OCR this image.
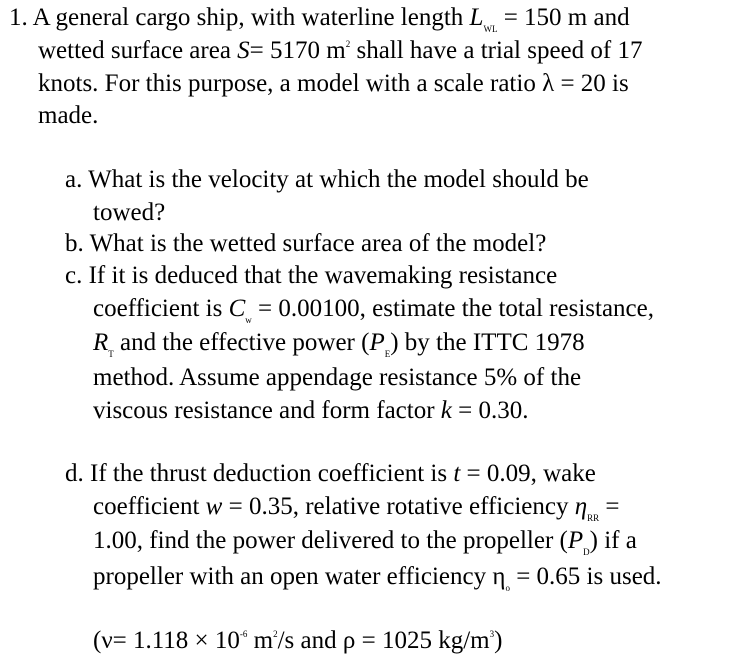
1. A general cargo ship, with waterline length $L_{WL} = 150$ m and
wetted surface area S= 5170 $m^2$ shall have a trial speed of 17
knots. For this purpose, a model with a scale ratio λ = 20 is
made.
a. What is the velocity at which the model should be
towed?
b. What is the wetted surface area of the model?
c. If it is deduced that the wavemaking resistance
coefficient is $C_w = 0.00100$, estimate the total resistance,
$R_T$ and the effective power $(P_E)$ by the ITTC 1978
method. Assume appendage resistance 5% of the
viscous resistance and form factor k = 0.30.
d. If the thrust deduction coefficient is t = 0.09, wake
coefficient w = 0.35, relative rotative efficiency $\eta_{RR}$ =
1.00, find the power delivered to the propeller $(P_D)$ if a
propeller with an open water efficiency $\eta_o = 0.65$ is used.
($\nu= 1.118 \times 10^{-6}$ $m^2/s$ and ρ = 1025 $kg/m^3$)
